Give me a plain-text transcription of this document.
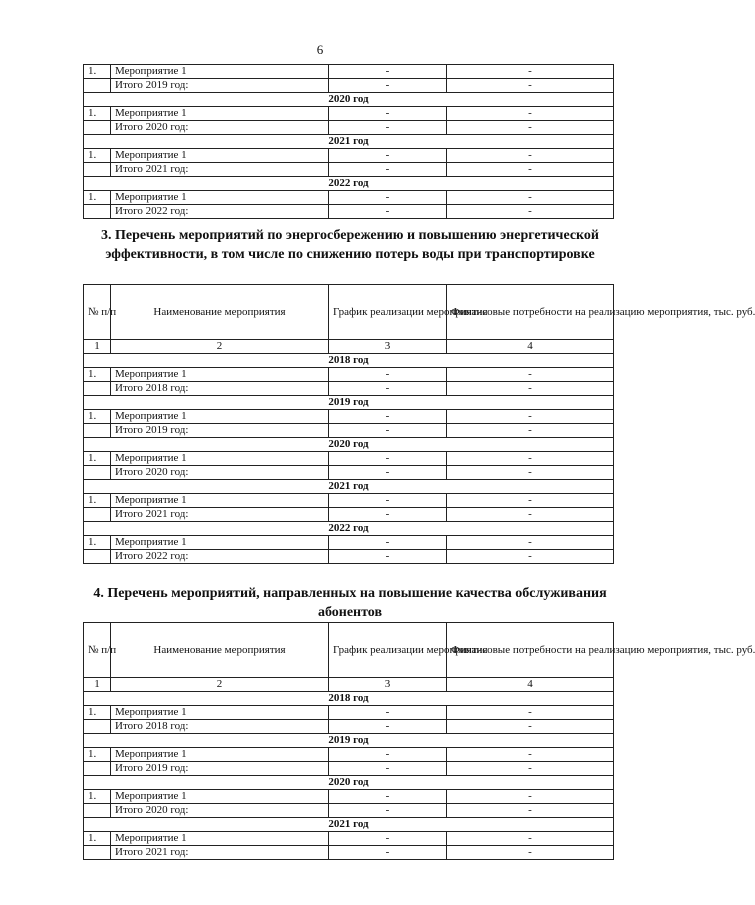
6
1.	Мероприятие 1	-	-
	Итого 2019 год:	-	-
2020 год			
1.	Мероприятие 1	-	-
	Итого 2020 год:	-	-
2021 год			
1.	Мероприятие 1	-	-
	Итого 2021 год:	-	-
2022 год			
1.	Мероприятие 1	-	-
	Итого 2022 год:	-	-
3. Перечень мероприятий по энергосбережению и повышению энергетической эффективности, в том числе по снижению потерь воды при транспортировке
№ п/п	Наименование мероприятия	График реализации мероприятия	Финансовые потребности на реализацию мероприятия, тыс. руб.
1	2	3	4
2018 год			
1.	Мероприятие 1	-	-
	Итого 2018 год:	-	-
2019 год			
1.	Мероприятие 1	-	-
	Итого 2019 год:	-	-
2020 год			
1.	Мероприятие 1	-	-
	Итого 2020 год:	-	-
2021 год			
1.	Мероприятие 1	-	-
	Итого 2021 год:	-	-
2022 год			
1.	Мероприятие 1	-	-
	Итого 2022 год:	-	-
4. Перечень мероприятий, направленных на повышение качества обслуживания абонентов
№ п/п	Наименование мероприятия	График реализации мероприятия	Финансовые потребности на реализацию мероприятия, тыс. руб.
1	2	3	4
2018 год			
1.	Мероприятие 1	-	-
	Итого 2018 год:	-	-
2019 год			
1.	Мероприятие 1	-	-
	Итого 2019 год:	-	-
2020 год			
1.	Мероприятие 1	-	-
	Итого 2020 год:	-	-
2021 год			
1.	Мероприятие 1	-	-
	Итого 2021 год:	-	-
